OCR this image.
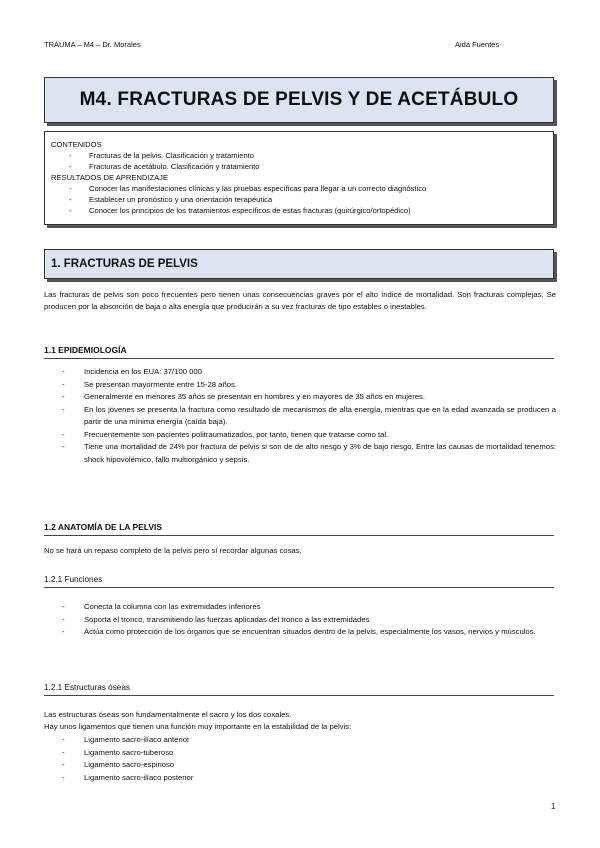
TRAUMA – M4 – Dr. Morales	Aida Fuentes
M4. FRACTURAS DE PELVIS Y DE ACETÁBULO
CONTENIDOS
- Fracturas de la pelvis. Clasificación y tratamiento
- Fracturas de acetábulo. Clasificación y tratamiento
RESULTADOS DE APRENDIZAJE
- Conocer las manifestaciones clínicas y las pruebas específicas para llegar a un correcto diagnóstico
- Establecer un pronóstico y una orientación terapéutica
- Conocer los principios de los tratamientos específicos de estas fracturas (quirúrgico/ortopédico)
1. FRACTURAS DE PELVIS
Las fracturas de pelvis son poco frecuentes pero tienen unas consecuencias graves por el alto índice de mortalidad. Son fracturas complejas. Se producen por la absorción de baja o alta energía que producirán a su vez fracturas de tipo estables o inestables.
1.1 EPIDEMIOLOGÍA
-	Incidencia en los EUA: 37/100 000
-	Se presentan mayormente entre 15-28 años.
-	Generalmente en menores 35 años se presentan en hombres y en mayores de 35 años en mujeres.
-	En los jóvenes se presenta la fractura como resultado de mecanismos de alta energía, mientras que en la edad avanzada se producen a partir de una mínima energía (caída baja).
-	Frecuentemente son pacientes politraumatizados, por tanto, tienen que tratarse como tal.
-	Tiene una mortalidad de 24% por fractura de pelvis si son de de alto riesgo y 3% de bajo riesgo. Entre las causas de mortalidad tenemos: shock hipovolémico, fallo multiorgánico y sepsis.
1.2 ANATOMÍA DE LA PELVIS
No se hará un repaso completo de la pelvis pero sí recordar algunas cosas.
1.2.1 Funciones
-	Conecta la columna con las extremidades inferiores
-	Soporta el tronco, transmitiendo las fuerzas aplicadas del tronco a las extremidades
-	Actúa como protección de los órganos que se encuentran situados dentro de la pelvis, especialmente los vasos, nervios y músculos.
1.2.1 Estructuras óseas
Las estructuras óseas son fundamentalmente el sacro y los dos coxales.
Hay unos ligamentos que tienen una función muy importante en la estabilidad de la pelvis:
-	Ligamento sacro-ilíaco anterior
-	Ligamento sacro-tuberoso
-	Ligamento sacro-espinoso
-	Ligamento sacro-ilíaco posterior
1
